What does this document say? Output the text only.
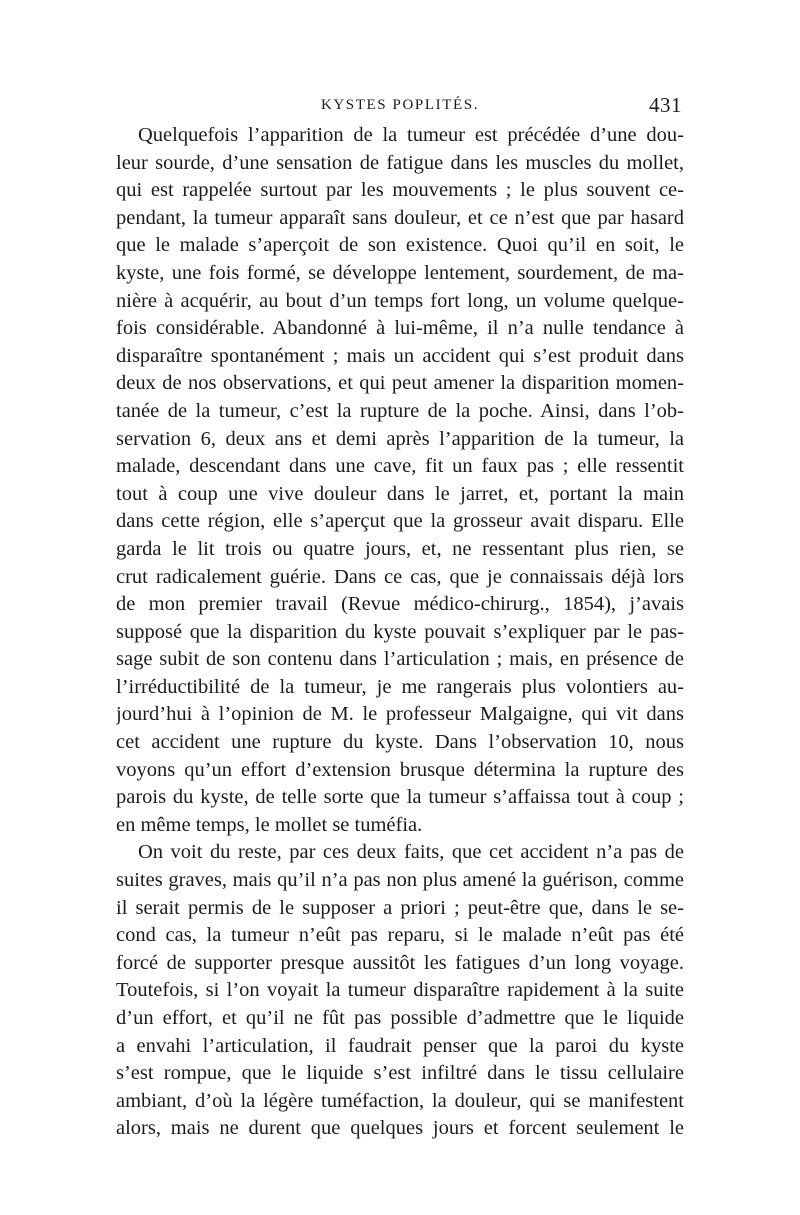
KYSTES POPLITÉS.	431
Quelquefois l’apparition de la tumeur est précédée d’une dou-
leur sourde, d’une sensation de fatigue dans les muscles du mollet,
qui est rappelée surtout par les mouvements ; le plus souvent ce-
pendant, la tumeur apparaît sans douleur, et ce n’est que par hasard
que le malade s’aperçoit de son existence. Quoi qu’il en soit, le
kyste, une fois formé, se développe lentement, sourdement, de ma-
nière à acquérir, au bout d’un temps fort long, un volume quelque-
fois considérable. Abandonné à lui-même, il n’a nulle tendance à
disparaître spontanément ; mais un accident qui s’est produit dans
deux de nos observations, et qui peut amener la disparition momen-
tanée de la tumeur, c’est la rupture de la poche. Ainsi, dans l’ob-
servation 6, deux ans et demi après l’apparition de la tumeur, la
malade, descendant dans une cave, fit un faux pas ; elle ressentit
tout à coup une vive douleur dans le jarret, et, portant la main
dans cette région, elle s’aperçut que la grosseur avait disparu. Elle
garda le lit trois ou quatre jours, et, ne ressentant plus rien, se
crut radicalement guérie. Dans ce cas, que je connaissais déjà lors
de mon premier travail (Revue médico-chirurg., 1854), j’avais
supposé que la disparition du kyste pouvait s’expliquer par le pas-
sage subit de son contenu dans l’articulation ; mais, en présence de
l’irréductibilité de la tumeur, je me rangerais plus volontiers au-
jourd’hui à l’opinion de M. le professeur Malgaigne, qui vit dans
cet accident une rupture du kyste. Dans l’observation 10, nous
voyons qu’un effort d’extension brusque détermina la rupture des
parois du kyste, de telle sorte que la tumeur s’affaissa tout à coup ;
en même temps, le mollet se tuméfia.
On voit du reste, par ces deux faits, que cet accident n’a pas de
suites graves, mais qu’il n’a pas non plus amené la guérison, comme
il serait permis de le supposer a priori ; peut-être que, dans le se-
cond cas, la tumeur n’eût pas reparu, si le malade n’eût pas été
forcé de supporter presque aussitôt les fatigues d’un long voyage.
Toutefois, si l’on voyait la tumeur disparaître rapidement à la suite
d’un effort, et qu’il ne fût pas possible d’admettre que le liquide
a envahi l’articulation, il faudrait penser que la paroi du kyste
s’est rompue, que le liquide s’est infiltré dans le tissu cellulaire
ambiant, d’où la légère tuméfaction, la douleur, qui se manifestent
alors, mais ne durent que quelques jours et forcent seulement le
